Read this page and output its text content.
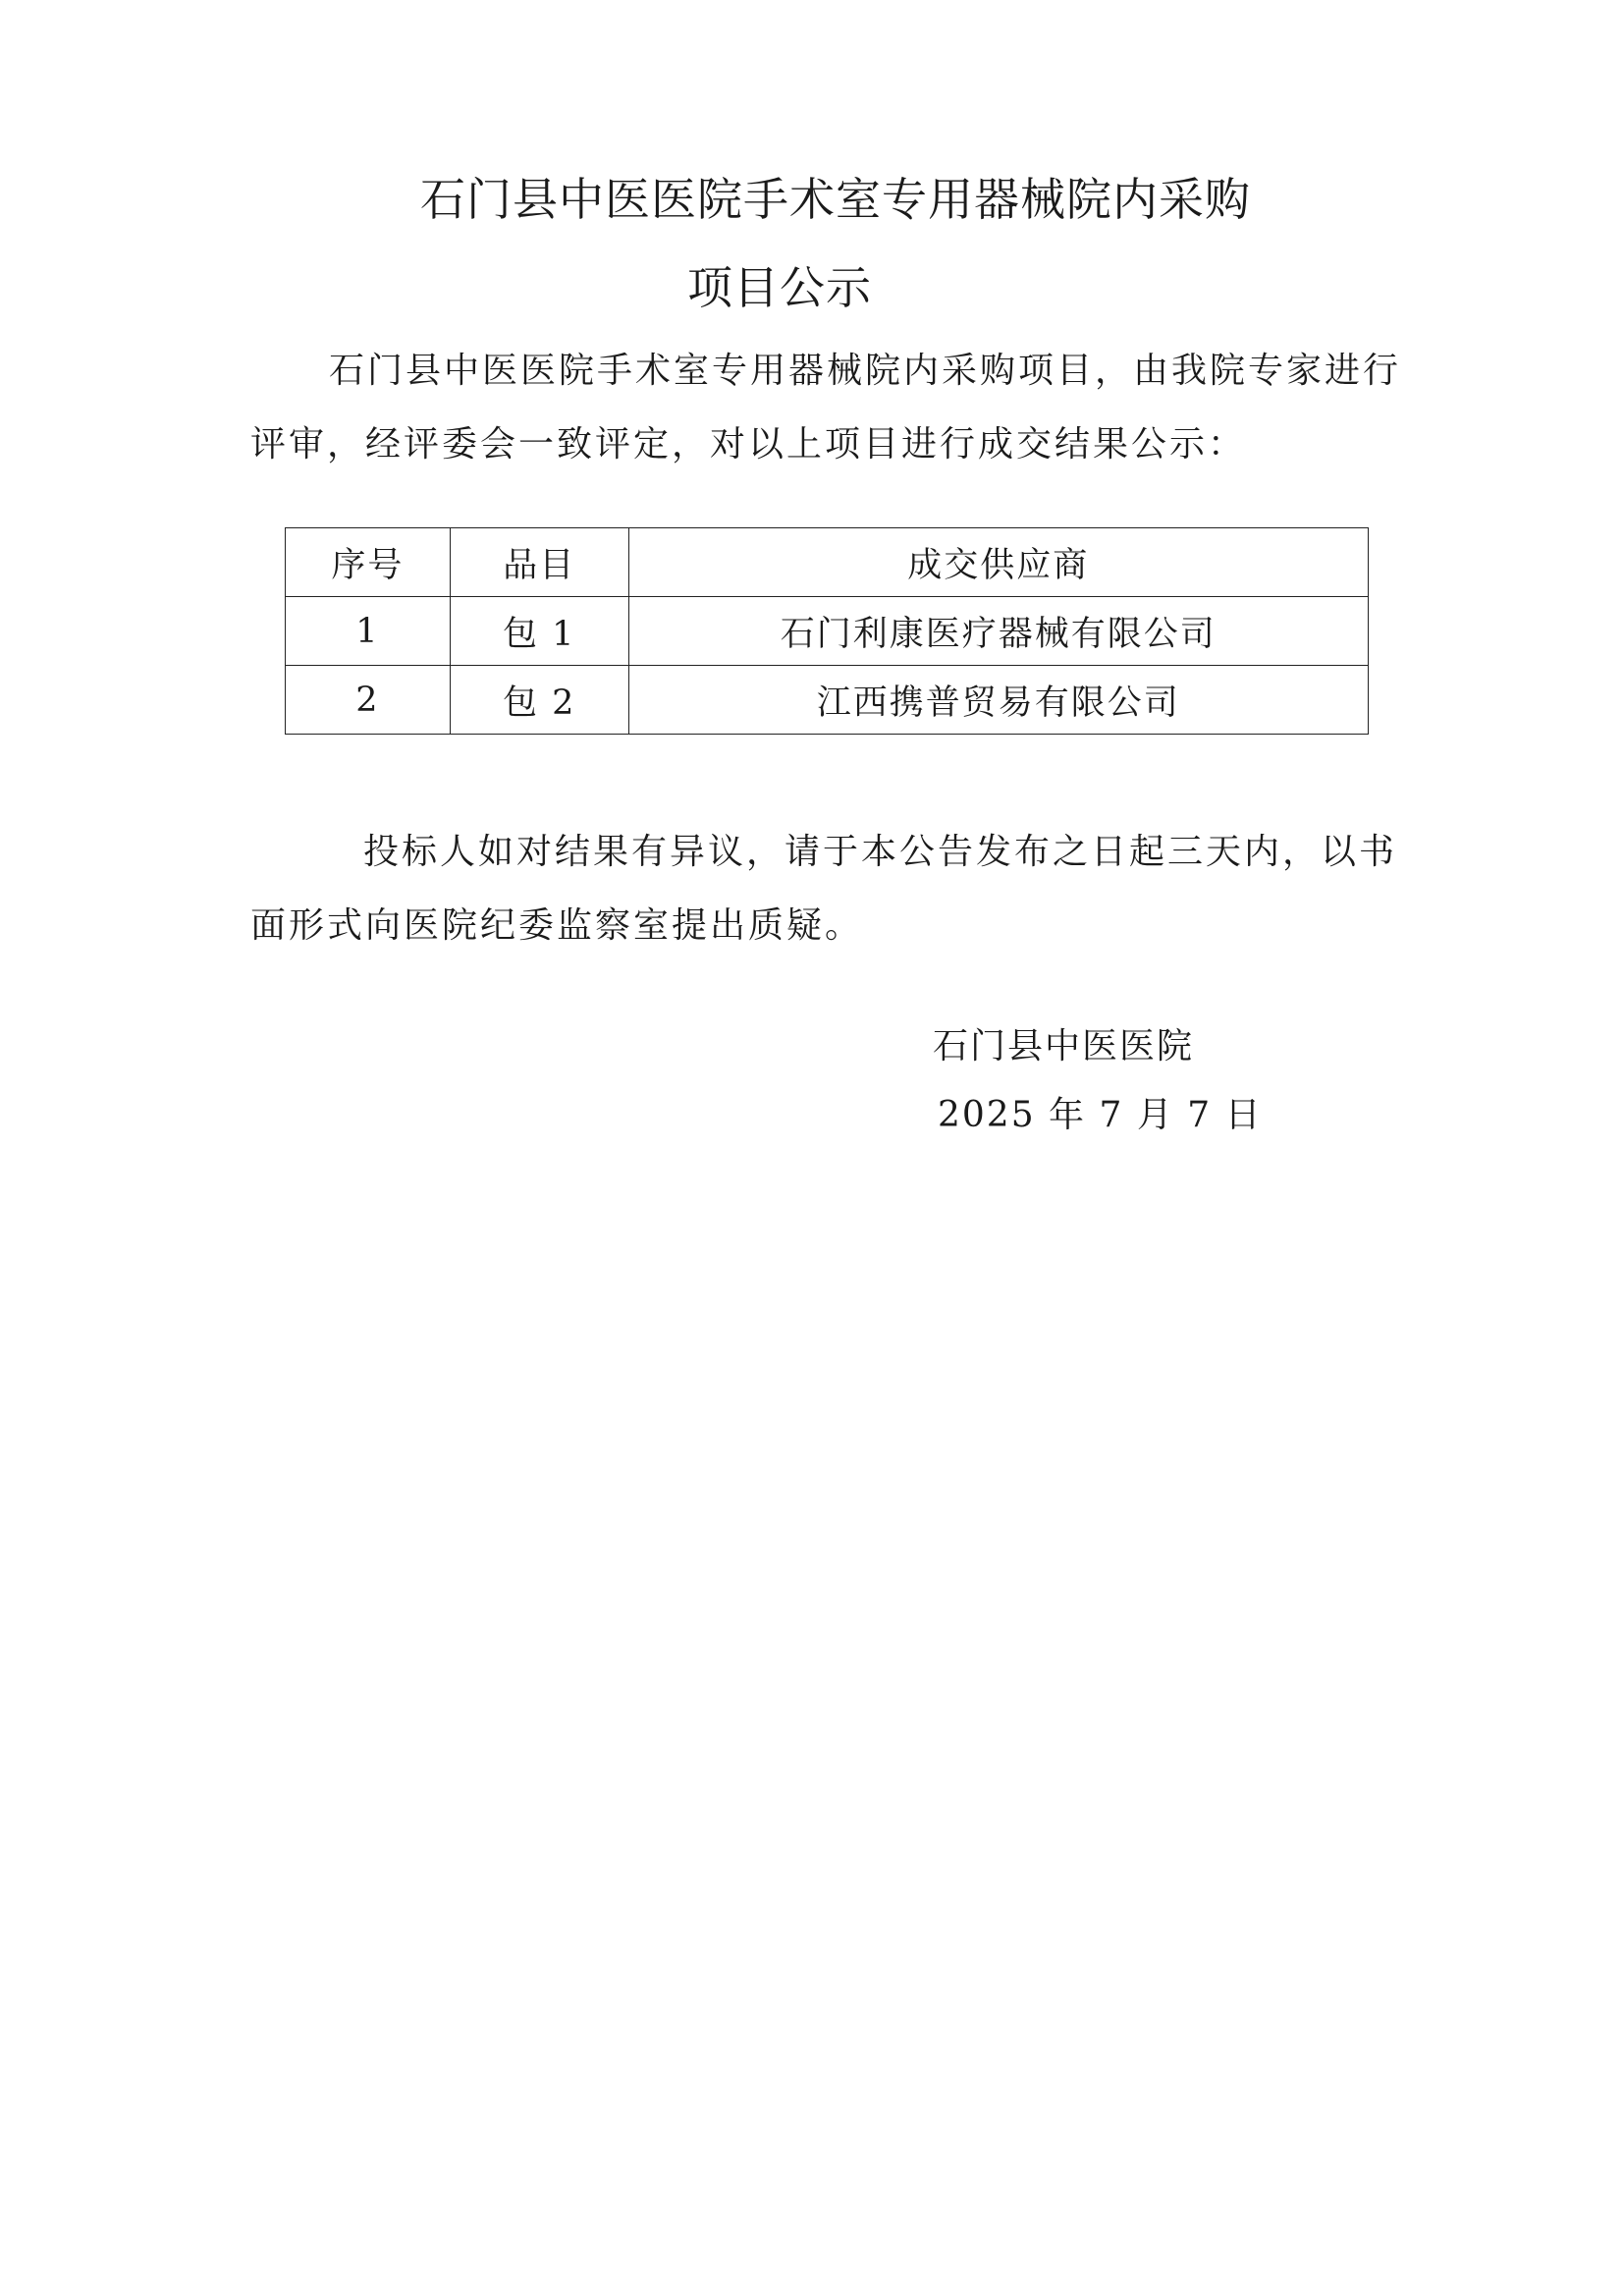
石门县中医医院手术室专用器械院内采购
项目公示
石门县中医医院手术室专用器械院内采购项目，由我院专家进行
评审，经评委会一致评定，对以上项目进行成交结果公示：
序号	品目	成交供应商
1	包 1	石门利康医疗器械有限公司
2	包 2	江西携普贸易有限公司
投标人如对结果有异议，请于本公告发布之日起三天内，以书
面形式向医院纪委监察室提出质疑。
石门县中医医院
2025 年 7 月 7 日
